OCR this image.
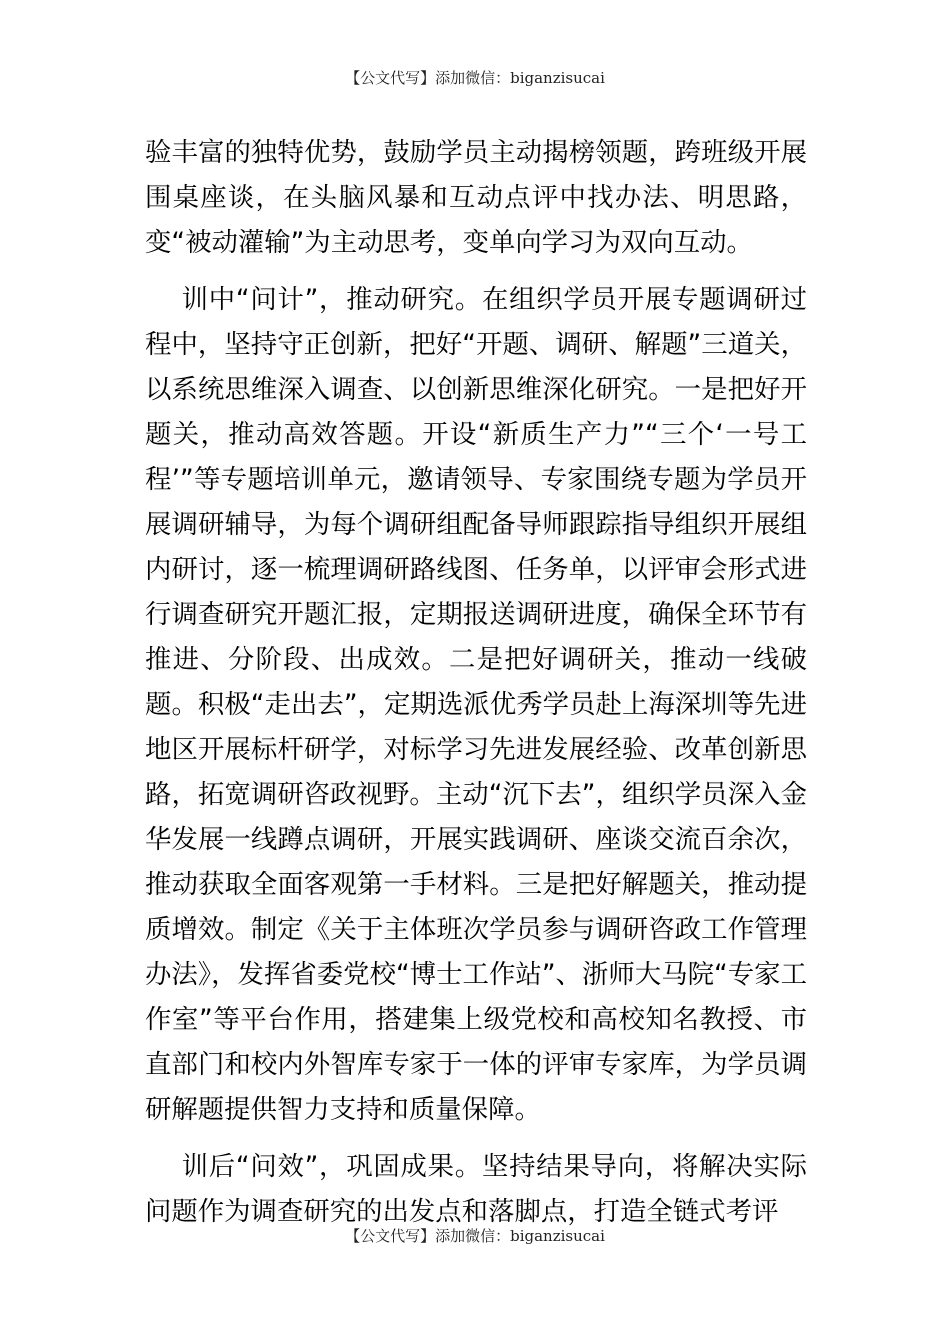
【公文代写】添加微信：biganzisucai

验丰富的独特优势，鼓励学员主动揭榜领题，跨班级开展围桌座谈，在头脑风暴和互动点评中找办法、明思路，变“被动灌输”为主动思考，变单向学习为双向互动。

训中“问计”，推动研究。在组织学员开展专题调研过程中，坚持守正创新，把好“开题、调研、解题”三道关，以系统思维深入调查、以创新思维深化研究。一是把好开题关，推动高效答题。开设“新质生产力”“三个‘一号工程’”等专题培训单元，邀请领导、专家围绕专题为学员开展调研辅导，为每个调研组配备导师跟踪指导组织开展组内研讨，逐一梳理调研路线图、任务单，以评审会形式进行调查研究开题汇报，定期报送调研进度，确保全环节有推进、分阶段、出成效。二是把好调研关，推动一线破题。积极“走出去”，定期选派优秀学员赴上海深圳等先进地区开展标杆研学，对标学习先进发展经验、改革创新思路，拓宽调研咨政视野。主动“沉下去”，组织学员深入金华发展一线蹲点调研，开展实践调研、座谈交流百余次，推动获取全面客观第一手材料。三是把好解题关，推动提质增效。制定《关于主体班次学员参与调研咨政工作管理办法》，发挥省委党校“博士工作站”、浙师大马院“专家工作室”等平台作用，搭建集上级党校和高校知名教授、市直部门和校内外智库专家于一体的评审专家库，为学员调研解题提供智力支持和质量保障。

训后“问效”，巩固成果。坚持结果导向，将解决实际问题作为调查研究的出发点和落脚点，打造全链式考评

【公文代写】添加微信：biganzisucai
